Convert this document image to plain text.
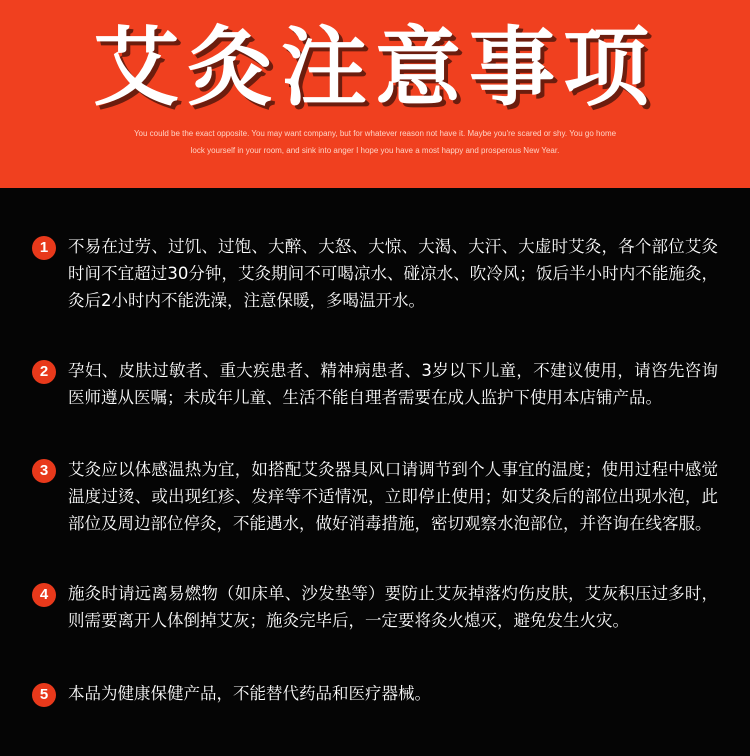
艾灸注意事项
You could be the exact opposite. You may want company, but for whatever reason not have it. Maybe you're scared or shy. You go home
lock yourself in your room, and sink into anger I hope you have a most happy and prosperous New Year.
1	不易在过劳、过饥、过饱、大醉、大怒、大惊、大渴、大汗、大虚时艾灸，各个部位艾灸时间不宜超过30分钟，艾灸期间不可喝凉水、碰凉水、吹冷风；饭后半小时内不能施灸，灸后2小时内不能洗澡，注意保暖，多喝温开水。
2	孕妇、皮肤过敏者、重大疾患者、精神病患者、3岁以下儿童，不建议使用，请咨先咨询医师遵从医嘱；未成年儿童、生活不能自理者需要在成人监护下使用本店铺产品。
3	艾灸应以体感温热为宜，如搭配艾灸器具风口请调节到个人事宜的温度；使用过程中感觉温度过烫、或出现红疹、发痒等不适情况，立即停止使用；如艾灸后的部位出现水泡，此部位及周边部位停灸，不能遇水，做好消毒措施，密切观察水泡部位，并咨询在线客服。
4	施灸时请远离易燃物（如床单、沙发垫等）要防止艾灰掉落灼伤皮肤，艾灰积压过多时，则需要离开人体倒掉艾灰；施灸完毕后，一定要将灸火熄灭，避免发生火灾。
5	本品为健康保健产品，不能替代药品和医疗器械。
